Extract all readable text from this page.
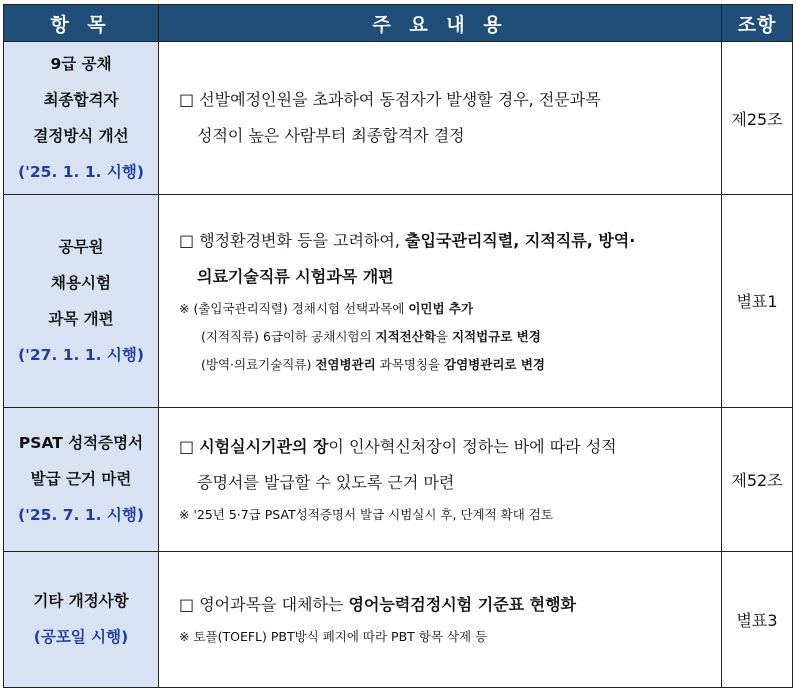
항 목	주 요 내 용	조항

9급 공채
최종합격자
결정방식 개선
('25. 1. 1. 시행)	□ 선발예정인원을 초과하여 동점자가 발생할 경우, 전문과목
성적이 높은 사람부터 최종합격자 결정	제25조

공무원
채용시험
과목 개편
('27. 1. 1. 시행)	□ 행정환경변화 등을 고려하여, 출입국관리직렬, 지적직류, 방역·
의료기술직류 시험과목 개편
※ (출입국관리직렬) 경채시험 선택과목에 이민법 추가
(지적직류) 6급이하 공채시험의 지적전산학을 지적법규로 변경
(방역·의료기술직류) 전염병관리 과목명칭을 감염병관리로 변경	별표1

PSAT 성적증명서
발급 근거 마련
('25. 7. 1. 시행)	□ 시험실시기관의 장이 인사혁신처장이 정하는 바에 따라 성적
증명서를 발급할 수 있도록 근거 마련
※ '25년 5·7급 PSAT성적증명서 발급 시범실시 후, 단계적 확대 검토	제52조

기타 개정사항
(공포일 시행)	□ 영어과목을 대체하는 영어능력검정시험 기준표 현행화
※ 토플(TOEFL) PBT방식 폐지에 따라 PBT 항목 삭제 등	별표3
